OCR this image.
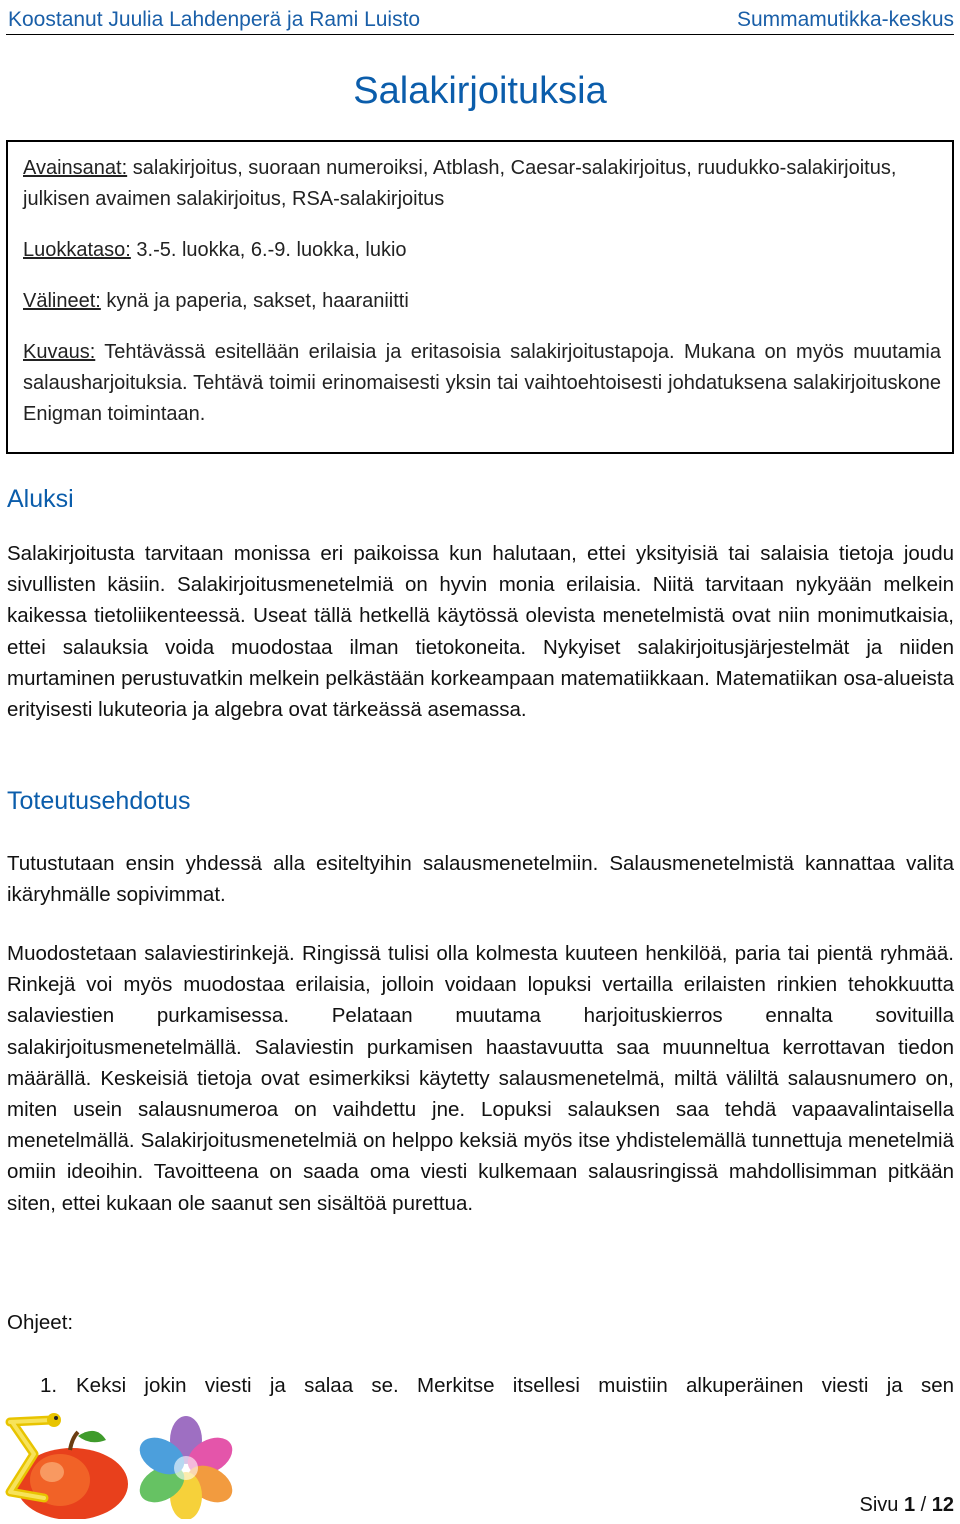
Koostanut Juulia Lahdenperä ja Rami Luisto	Summamutikka-keskus
Salakirjoituksia

Avainsanat: salakirjoitus, suoraan numeroiksi, Atblash, Caesar-salakirjoitus, ruudukko-salakirjoitus, julkisen avaimen salakirjoitus, RSA-salakirjoitus

Luokkataso: 3.-5. luokka, 6.-9. luokka, lukio

Välineet: kynä ja paperia, sakset, haaraniitti

Kuvaus: Tehtävässä esitellään erilaisia ja eritasoisia salakirjoitustapoja. Mukana on myös muutamia salausharjoituksia. Tehtävä toimii erinomaisesti yksin tai vaihtoehtoisesti johdatuksena salakirjoituskone Enigman toimintaan.

Aluksi

Salakirjoitusta tarvitaan monissa eri paikoissa kun halutaan, ettei yksityisiä tai salaisia tietoja joudu sivullisten käsiin. Salakirjoitusmenetelmiä on hyvin monia erilaisia. Niitä tarvitaan nykyään melkein kaikessa tietoliikenteessä. Useat tällä hetkellä käytössä olevista menetelmistä ovat niin monimutkaisia, ettei salauksia voida muodostaa ilman tietokoneita. Nykyiset salakirjoitusjärjestelmät ja niiden murtaminen perustuvatkin melkein pelkästään korkeampaan matematiikkaan. Matematiikan osa-alueista erityisesti lukuteoria ja algebra ovat tärkeässä asemassa.

Toteutusehdotus

Tutustutaan ensin yhdessä alla esiteltyihin salausmenetelmiin. Salausmenetelmistä kannattaa valita ikäryhmälle sopivimmat.

Muodostetaan salaviestirinkejä. Ringissä tulisi olla kolmesta kuuteen henkilöä, paria tai pientä ryhmää. Rinkejä voi myös muodostaa erilaisia, jolloin voidaan lopuksi vertailla erilaisten rinkien tehokkuutta salaviestien purkamisessa. Pelataan muutama harjoituskierros ennalta sovituilla salakirjoitusmenetelmällä. Salaviestin purkamisen haastavuutta saa muunneltua kerrottavan tiedon määrällä. Keskeisiä tietoja ovat esimerkiksi käytetty salausmenetelmä, miltä väliltä salausnumero on, miten usein salausnumeroa on vaihdettu jne. Lopuksi salauksen saa tehdä vapaavalintaisella menetelmällä. Salakirjoitusmenetelmiä on helppo keksiä myös itse yhdistelemällä tunnettuja menetelmiä omiin ideoihin. Tavoitteena on saada oma viesti kulkemaan salausringissä mahdollisimman pitkään siten, ettei kukaan ole saanut sen sisältöä purettua.

Ohjeet:

1. Keksi jokin viesti ja salaa se. Merkitse itsellesi muistiin alkuperäinen viesti ja sen
Sivu 1 / 12
